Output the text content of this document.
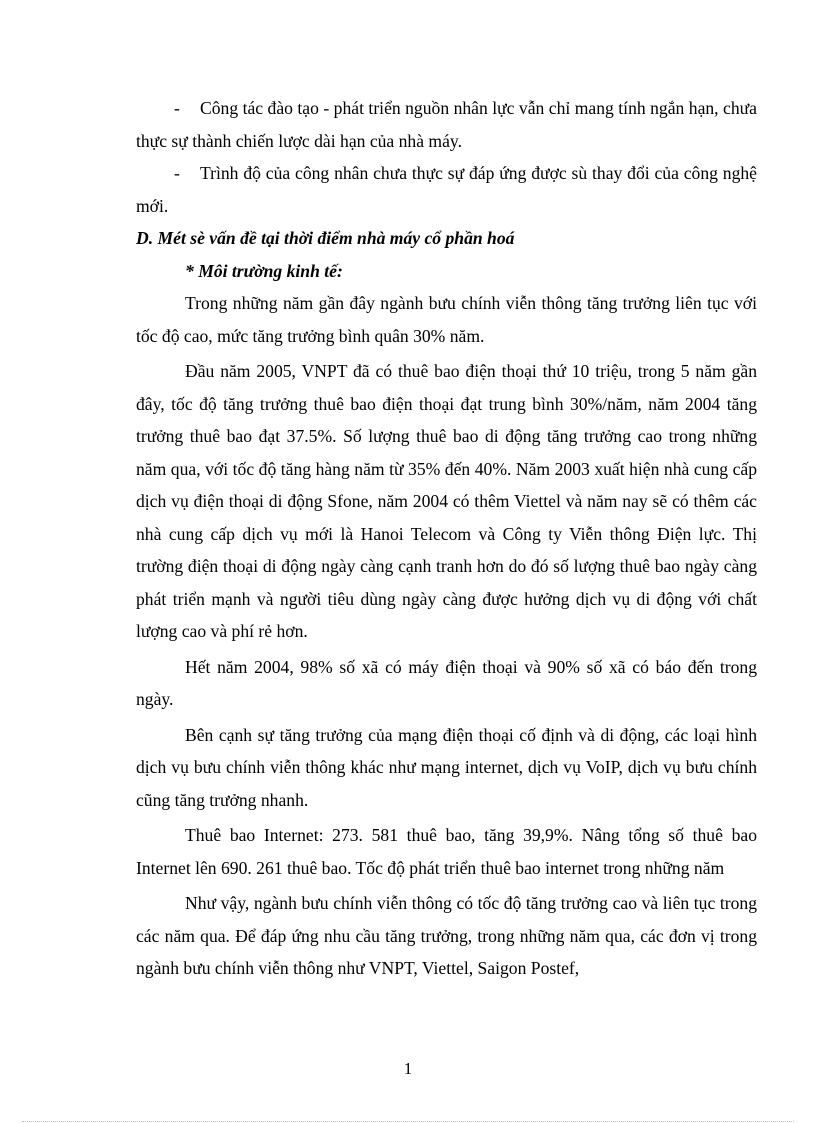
- Công tác đào tạo - phát triển nguồn nhân lực vẫn chỉ mang tính ngắn hạn, chưa thực sự thành chiến lược dài hạn của nhà máy.

- Trình độ của công nhân chưa thực sự đáp ứng được sù thay đổi của công nghệ mới.

D. Mét sè vấn đề tại thời điểm nhà máy cổ phần hoá

* Môi trường kinh tế:

Trong những năm gần đây ngành bưu chính viễn thông tăng trưởng liên tục với tốc độ cao, mức tăng trưởng bình quân 30% năm.

Đầu năm 2005, VNPT đã có thuê bao điện thoại thứ 10 triệu, trong 5 năm gần đây, tốc độ tăng trưởng thuê bao điện thoại đạt trung bình 30%/năm, năm 2004 tăng trưởng thuê bao đạt 37.5%. Số lượng thuê bao di động tăng trưởng cao trong những năm qua, với tốc độ tăng hàng năm từ 35% đến 40%. Năm 2003 xuất hiện nhà cung cấp dịch vụ điện thoại di động Sfone, năm 2004 có thêm Viettel và năm nay sẽ có thêm các nhà cung cấp dịch vụ mới là Hanoi Telecom và Công ty Viễn thông Điện lực. Thị trường điện thoại di động ngày càng cạnh tranh hơn do đó số lượng thuê bao ngày càng phát triển mạnh và người tiêu dùng ngày càng được hưởng dịch vụ di động với chất lượng cao và phí rẻ hơn.

Hết năm 2004, 98% số xã có máy điện thoại và 90% số xã có báo đến trong ngày.

Bên cạnh sự tăng trưởng của mạng điện thoại cố định và di động, các loại hình dịch vụ bưu chính viễn thông khác như mạng internet, dịch vụ VoIP, dịch vụ bưu chính cũng tăng trưởng nhanh.

Thuê bao Internet: 273. 581 thuê bao, tăng 39,9%. Nâng tổng số thuê bao Internet lên 690. 261 thuê bao. Tốc độ phát triển thuê bao internet trong những năm

Như vậy, ngành bưu chính viễn thông có tốc độ tăng trưởng cao và liên tục trong các năm qua. Để đáp ứng nhu cầu tăng trưởng, trong những năm qua, các đơn vị trong ngành bưu chính viễn thông như VNPT, Viettel, Saigon Postef,

1
